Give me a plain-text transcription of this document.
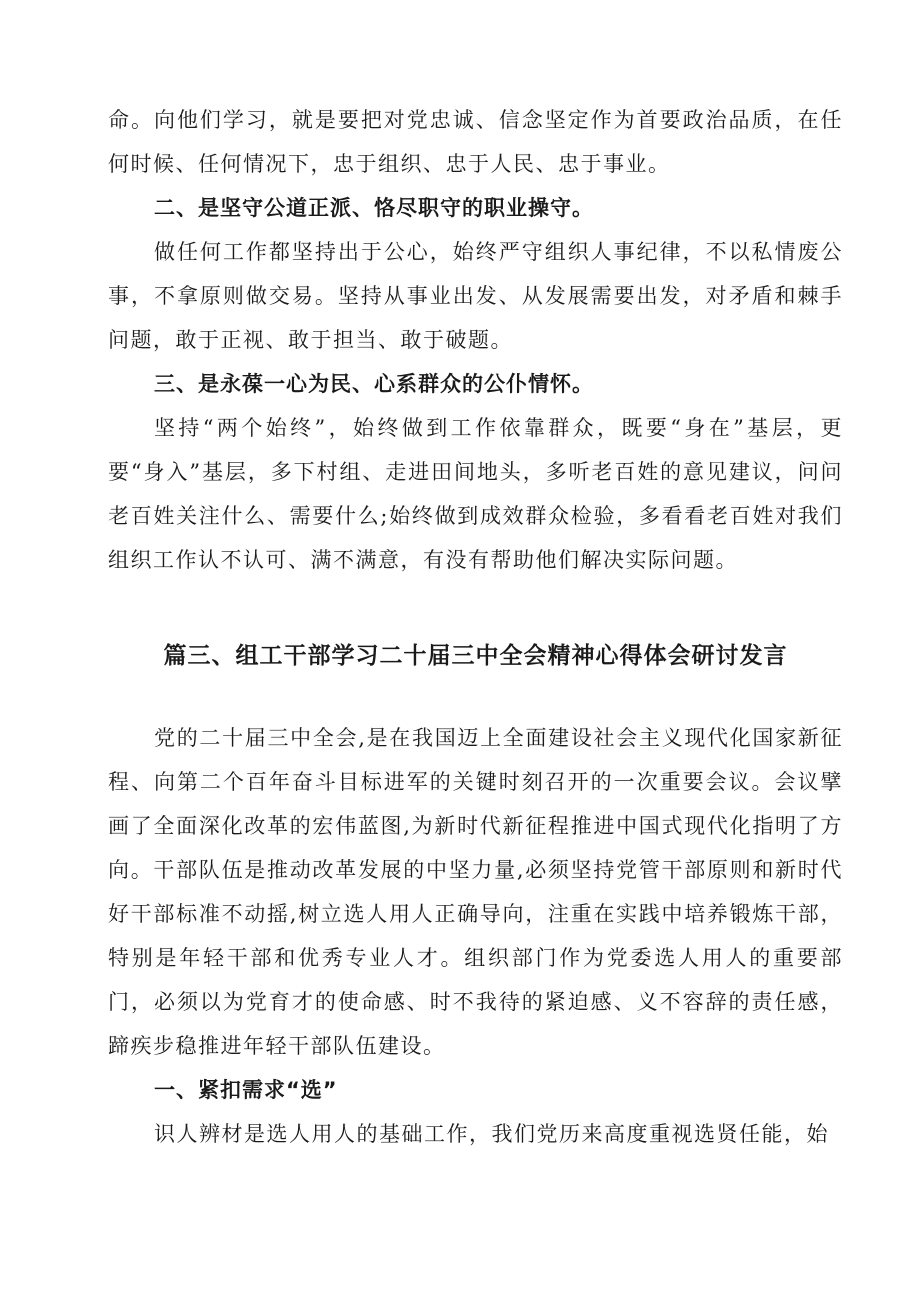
命。向他们学习，就是要把对党忠诚、信念坚定作为首要政治品质，在任何时候、任何情况下，忠于组织、忠于人民、忠于事业。

二、是坚守公道正派、恪尽职守的职业操守。

做任何工作都坚持出于公心，始终严守组织人事纪律，不以私情废公事，不拿原则做交易。坚持从事业出发、从发展需要出发，对矛盾和棘手问题，敢于正视、敢于担当、敢于破题。

三、是永葆一心为民、心系群众的公仆情怀。

坚持“两个始终”，始终做到工作依靠群众，既要“身在”基层，更要“身入”基层，多下村组、走进田间地头，多听老百姓的意见建议，问问老百姓关注什么、需要什么;始终做到成效群众检验，多看看老百姓对我们组织工作认不认可、满不满意，有没有帮助他们解决实际问题。

篇三、组工干部学习二十届三中全会精神心得体会研讨发言

党的二十届三中全会,是在我国迈上全面建设社会主义现代化国家新征程、向第二个百年奋斗目标进军的关键时刻召开的一次重要会议。会议擘画了全面深化改革的宏伟蓝图,为新时代新征程推进中国式现代化指明了方向。干部队伍是推动改革发展的中坚力量,必须坚持党管干部原则和新时代好干部标准不动摇,树立选人用人正确导向，注重在实践中培养锻炼干部，特别是年轻干部和优秀专业人才。组织部门作为党委选人用人的重要部门，必须以为党育才的使命感、时不我待的紧迫感、义不容辞的责任感，蹄疾步稳推进年轻干部队伍建设。

一、紧扣需求“选”

识人辨材是选人用人的基础工作，我们党历来高度重视选贤任能，始
